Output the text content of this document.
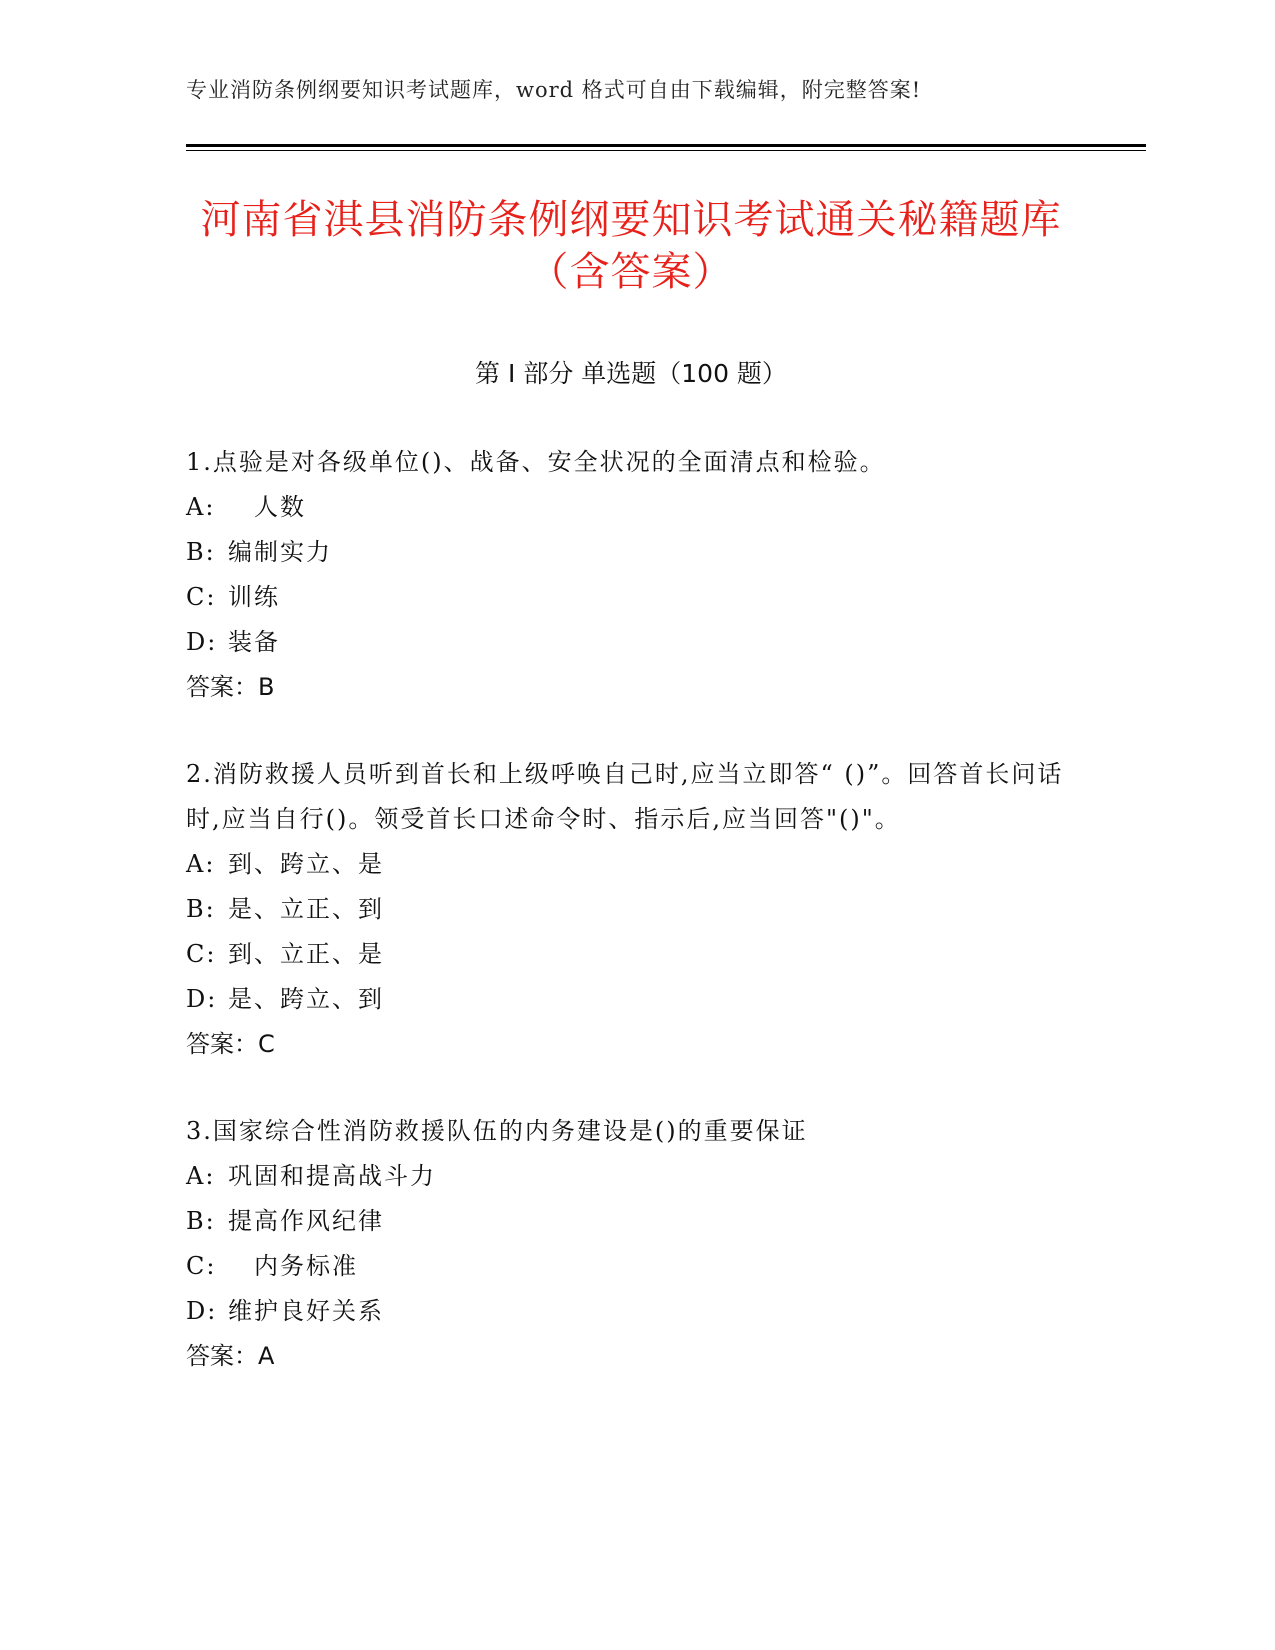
专业消防条例纲要知识考试题库，word 格式可自由下载编辑，附完整答案!
河南省淇县消防条例纲要知识考试通关秘籍题库（含答案）
第 I 部分 单选题（100 题）
1.点验是对各级单位()、战备、安全状况的全面清点和检验。
A:　人数
B: 编制实力
C: 训练
D: 装备
答案：B
2.消防救援人员听到首长和上级呼唤自己时,应当立即答“ ()”。回答首长问话时,应当自行()。领受首长口述命令时、指示后,应当回答"()"。
A: 到、跨立、是
B: 是、立正、到
C: 到、立正、是
D: 是、跨立、到
答案：C
3.国家综合性消防救援队伍的内务建设是()的重要保证
A: 巩固和提高战斗力
B: 提高作风纪律
C:　内务标准
D: 维护良好关系
答案：A
